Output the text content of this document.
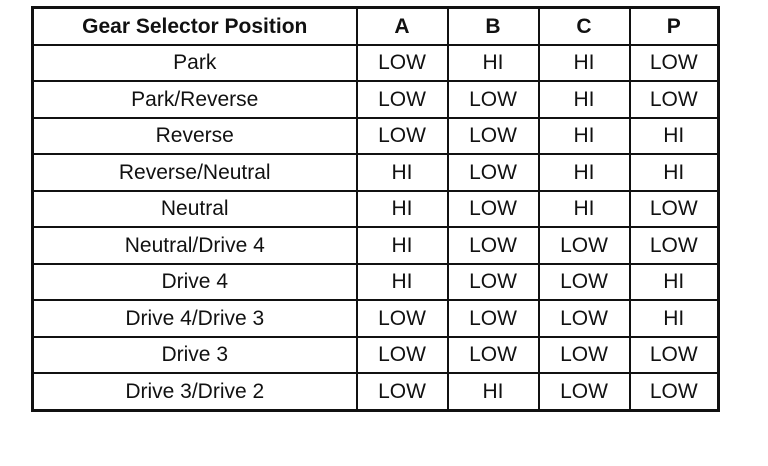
Gear Selector Position	A	B	C	P
Park	LOW	HI	HI	LOW
Park/Reverse	LOW	LOW	HI	LOW
Reverse	LOW	LOW	HI	HI
Reverse/Neutral	HI	LOW	HI	HI
Neutral	HI	LOW	HI	LOW
Neutral/Drive 4	HI	LOW	LOW	LOW
Drive 4	HI	LOW	LOW	HI
Drive 4/Drive 3	LOW	LOW	LOW	HI
Drive 3	LOW	LOW	LOW	LOW
Drive 3/Drive 2	LOW	HI	LOW	LOW
